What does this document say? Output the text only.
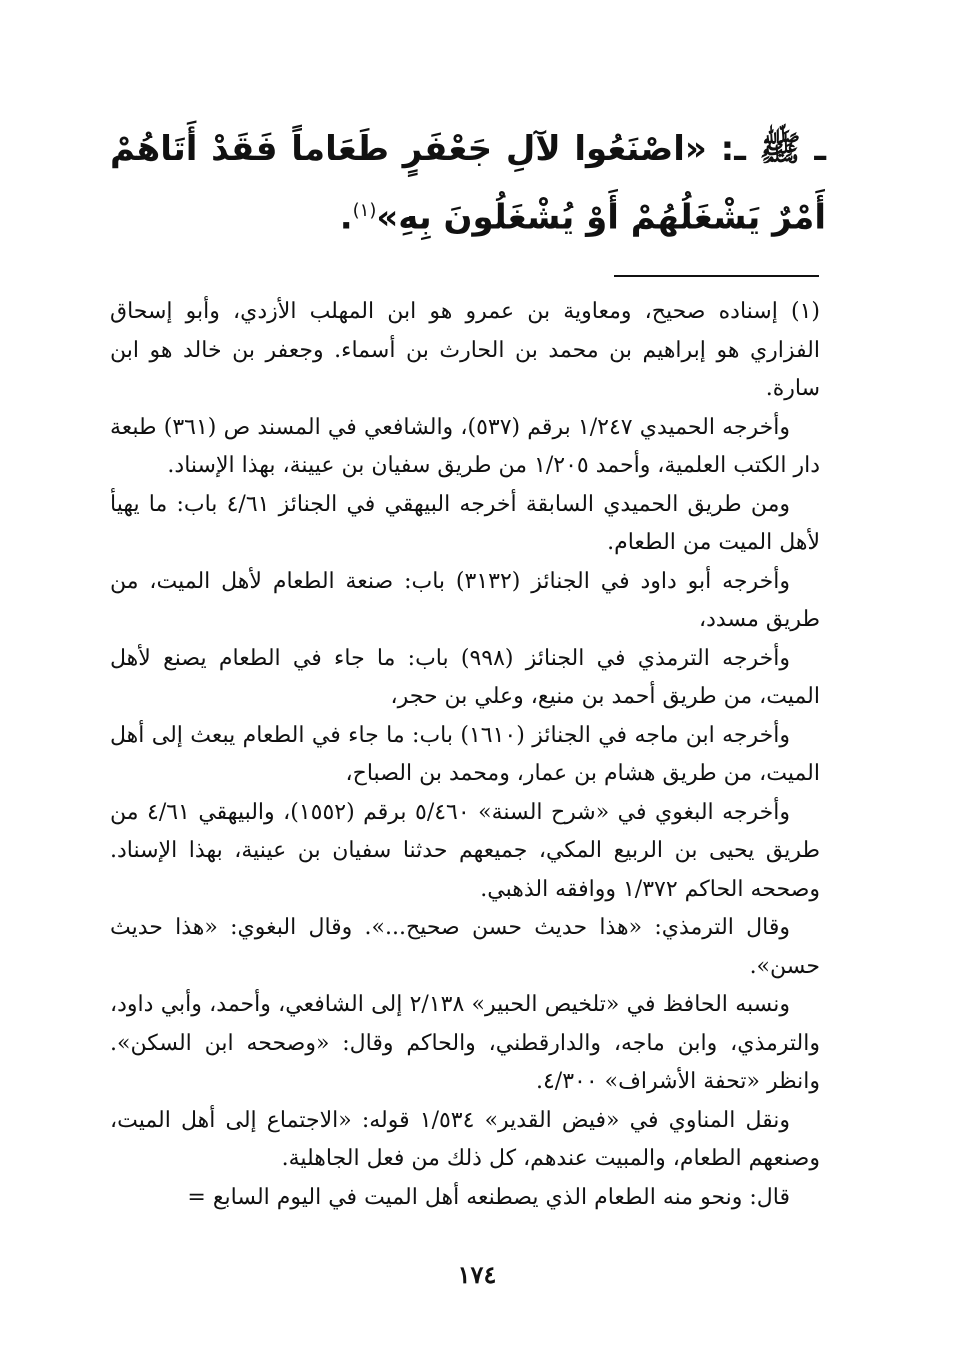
ـ ﷺ ـ: «اصْنَعُوا لآلِ جَعْفَرٍ طَعَاماً فَقَدْ أَتَاهُمْ أَمْرٌ يَشْغَلُهُمْ أَوْ يُشْغَلُونَ بِهِ»$^{(١)}$.

(١) إسناده صحيح، ومعاوية بن عمرو هو ابن المهلب الأزدي، وأبو إسحاق الفزاري هو إبراهيم بن محمد بن الحارث بن أسماء. وجعفر بن خالد هو ابن سارة.

وأخرجه الحميدي ١/٢٤٧ برقم (٥٣٧)، والشافعي في المسند ص (٣٦١) طبعة دار الكتب العلمية، وأحمد ١/٢٠٥ من طريق سفيان بن عيينة، بهذا الإسناد.

ومن طريق الحميدي السابقة أخرجه البيهقي في الجنائز ٤/٦١ باب: ما يهيأ لأهل الميت من الطعام.

وأخرجه أبو داود في الجنائز (٣١٣٢) باب: صنعة الطعام لأهل الميت، من طريق مسدد،

وأخرجه الترمذي في الجنائز (٩٩٨) باب: ما جاء في الطعام يصنع لأهل الميت، من طريق أحمد بن منيع، وعلي بن حجر،

وأخرجه ابن ماجه في الجنائز (١٦١٠) باب: ما جاء في الطعام يبعث إلى أهل الميت، من طريق هشام بن عمار، ومحمد بن الصباح،

وأخرجه البغوي في «شرح السنة» ٥/٤٦٠ برقم (١٥٥٢)، والبيهقي ٤/٦١ من طريق يحيى بن الربيع المكي، جميعهم حدثنا سفيان بن عينية، بهذا الإسناد. وصححه الحاكم ١/٣٧٢ ووافقه الذهبي.

وقال الترمذي: «هذا حديث حسن صحيح...». وقال البغوي: «هذا حديث حسن».

ونسبه الحافظ في «تلخيص الحبير» ٢/١٣٨ إلى الشافعي، وأحمد، وأبي داود، والترمذي، وابن ماجه، والدارقطني، والحاكم وقال: «وصححه ابن السكن». وانظر «تحفة الأشراف» ٤/٣٠٠.

ونقل المناوي في «فيض القدير» ١/٥٣٤ قوله: «الاجتماع إلى أهل الميت، وصنعهم الطعام، والمبيت عندهم، كل ذلك من فعل الجاهلية.

قال: ونحو منه الطعام الذي يصطنعه أهل الميت في اليوم السابع =

١٧٤
